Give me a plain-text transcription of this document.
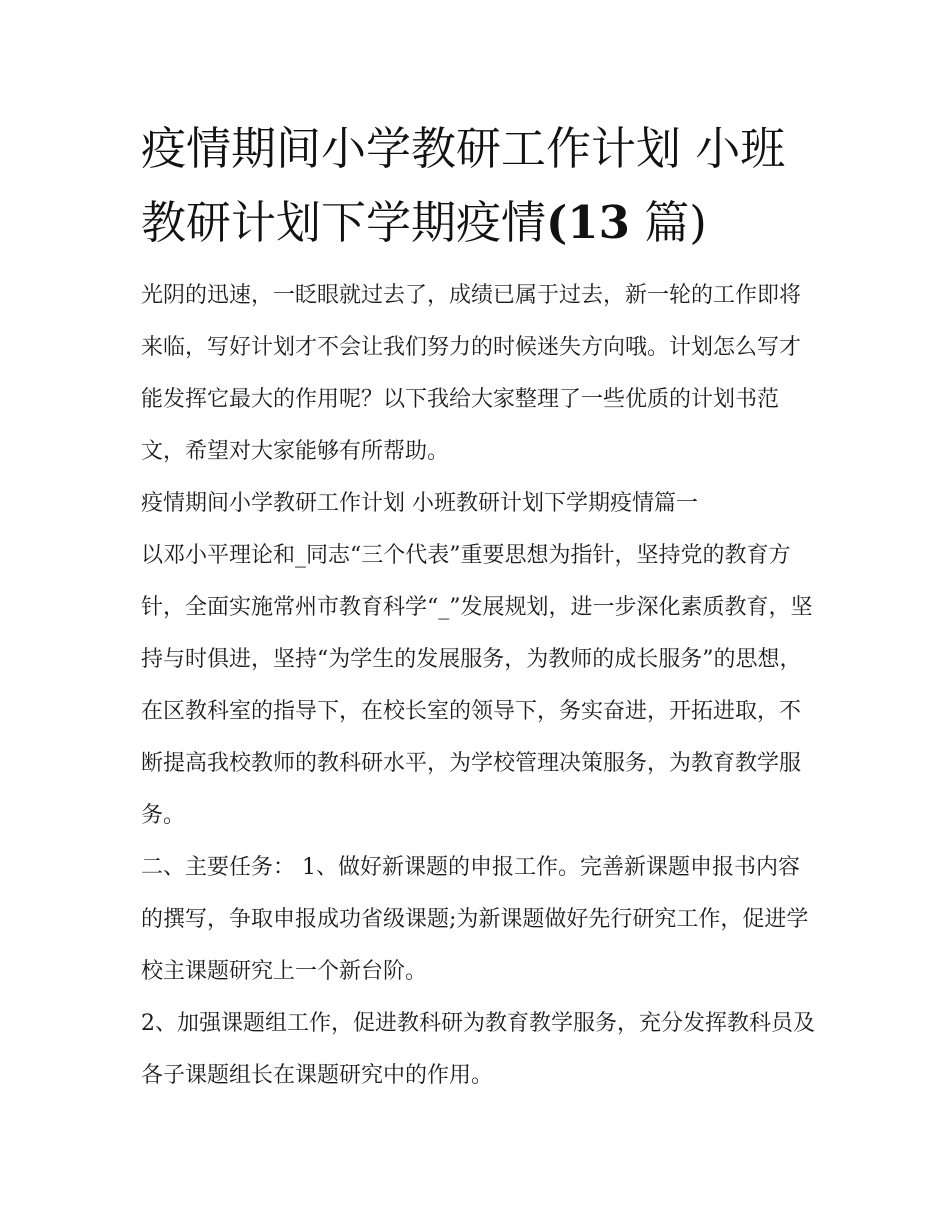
疫情期间小学教研工作计划 小班教研计划下学期疫情(13 篇)

光阴的迅速，一眨眼就过去了，成绩已属于过去，新一轮的工作即将来临，写好计划才不会让我们努力的时候迷失方向哦。计划怎么写才能发挥它最大的作用呢？以下我给大家整理了一些优质的计划书范文，希望对大家能够有所帮助。

疫情期间小学教研工作计划 小班教研计划下学期疫情篇一

以邓小平理论和_同志“三个代表”重要思想为指针，坚持党的教育方针，全面实施常州市教育科学“_”发展规划，进一步深化素质教育，坚持与时俱进，坚持“为学生的发展服务，为教师的成长服务”的思想，在区教科室的指导下，在校长室的领导下，务实奋进，开拓进取，不断提高我校教师的教科研水平，为学校管理决策服务，为教育教学服务。

二、主要任务： 1、做好新课题的申报工作。完善新课题申报书内容的撰写，争取申报成功省级课题;为新课题做好先行研究工作，促进学校主课题研究上一个新台阶。

2、加强课题组工作，促进教科研为教育教学服务，充分发挥教科员及各子课题组长在课题研究中的作用。
